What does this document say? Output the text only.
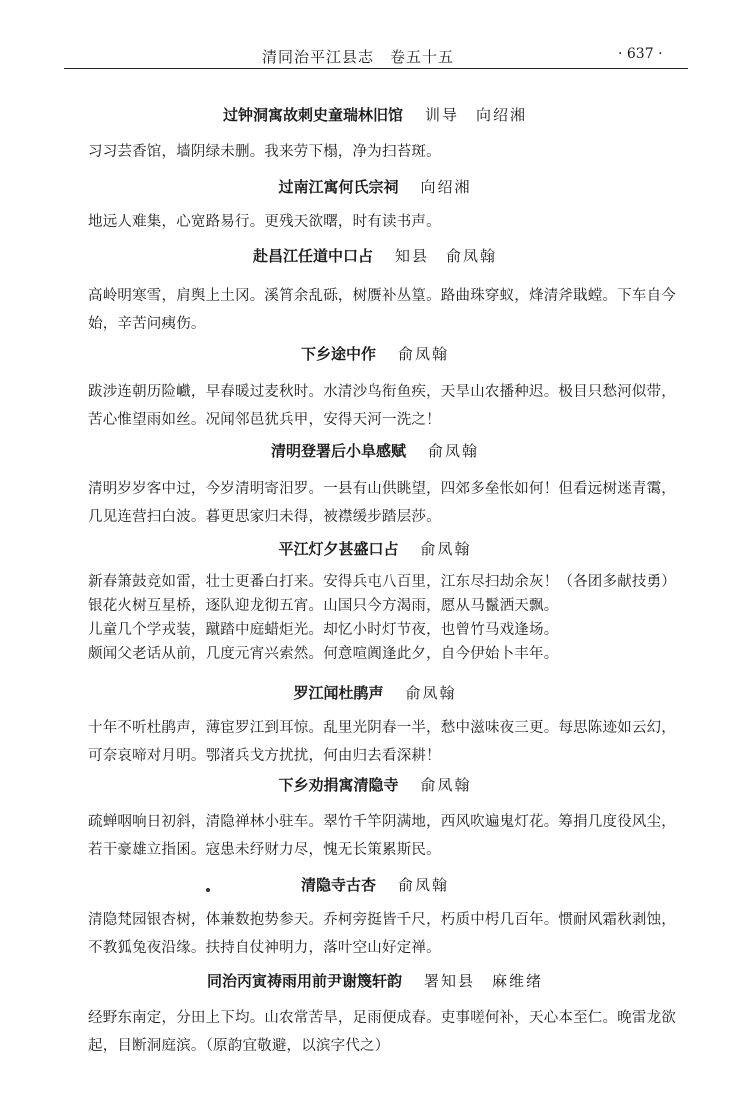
清同治平江县志　卷五十五	· 637 ·
过钟洞寓故刺史童瑞林旧馆 训导　向绍湘
习习芸香馆，墙阴绿未删。我来劳下榻，净为扫苔斑。
过南江寓何氏宗祠 向绍湘
地远人难集，心宽路易行。更残天欲曙，时有读书声。
赴昌江任道中口占 知县　俞凤翰
高岭明寒雪，肩舆上土冈。溪筲余乱砾，树赝补丛篁。路曲珠穿蚁，烽清斧戢螳。下车自今
始，辛苦问痍伤。
下乡途中作 俞凤翰
跋涉连朝历险巇，早春暖过麦秋时。水清沙鸟衔鱼疾，天旱山农播种迟。极目只愁河似带，
苦心惟望雨如丝。况闻邻邑犹兵甲，安得天河一洗之！
清明登署后小阜感赋 俞凤翰
清明岁岁客中过，今岁清明寄汨罗。一县有山供眺望，四郊多垒怅如何！但看远树迷青霭，
几见连营扫白波。暮更思家归未得，被襟缓步踏层莎。
平江灯夕甚盛口占 俞凤翰
新春箫鼓竞如雷，壮士更番白打来。安得兵屯八百里，江东尽扫劫余灰！（各团多献技勇）
银花火树互星桥，逐队迎龙彻五宵。山国只今方渴雨，愿从马鬣洒天飘。
儿童几个学戎装，蹴踏中庭蜡炬光。却忆小时灯节夜，也曾竹马戏逢场。
颇闻父老话从前，几度元宵兴索然。何意喧阗逢此夕，自今伊始卜丰年。
罗江闻杜鹃声 俞凤翰
十年不听杜鹃声，薄宦罗江到耳惊。乱里光阴春一半，愁中滋味夜三更。每思陈迹如云幻，
可奈哀啼对月明。鄂渚兵戈方扰扰，何由归去看深耕！
下乡劝捐寓清隐寺 俞凤翰
疏蝉咽响日初斜，清隐禅林小驻车。翠竹千竿阴满地，西风吹遍鬼灯花。筹捐几度役风尘，
若干豪雄立指囷。寇患未纾财力尽，愧无长策累斯民。
清隐寺古杏 俞凤翰
清隐梵园银杏树，体兼数抱势参天。乔柯旁挺皆千尺，朽质中枵几百年。惯耐风霜秋剥蚀，
不教狐兔夜沿缘。扶持自仗神明力，落叶空山好定禅。
同治丙寅祷雨用前尹谢篾轩韵 署知县　麻维绪
经野东南定，分田上下均。山农常苦旱，足雨便成春。吏事嗟何补，天心本至仁。晚雷龙欲
起，目断洞庭滨。（原韵宜敬避，以滨字代之）
